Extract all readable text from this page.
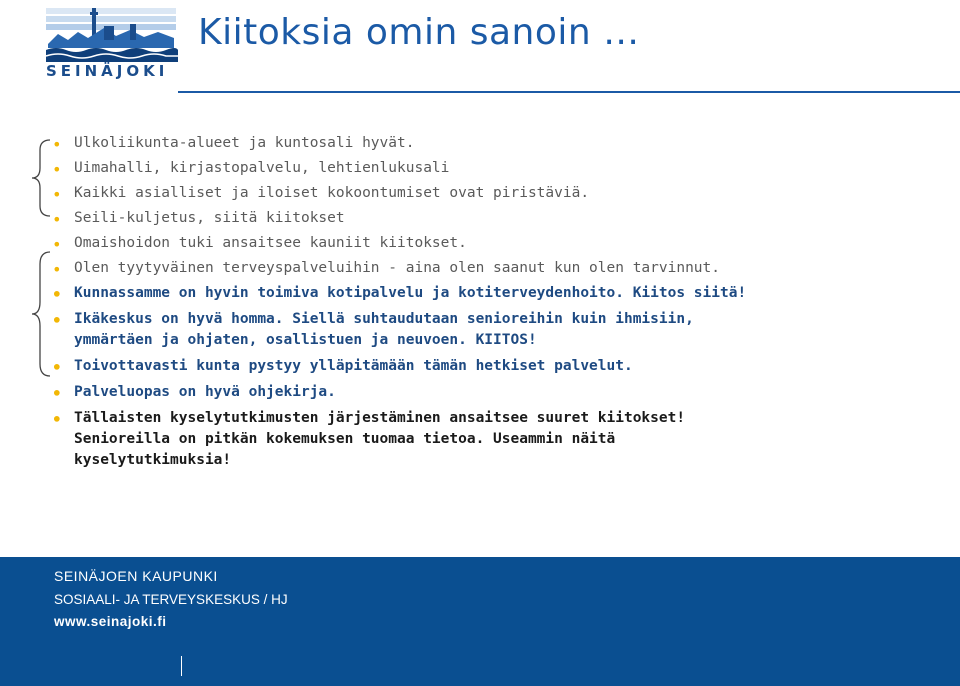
SEINÄJOKI
Kiitoksia omin sanoin …
• Ulkoliikunta-alueet ja kuntosali hyvät.
• Uimahalli, kirjastopalvelu, lehtienlukusali
• Kaikki asialliset ja iloiset kokoontumiset ovat piristäviä.
• Seili-kuljetus, siitä kiitokset
• Omaishoidon tuki ansaitsee kauniit kiitokset.
• Olen tyytyväinen terveyspalveluihin - aina olen saanut kun olen tarvinnut.
• Kunnassamme on hyvin toimiva kotipalvelu ja kotiterveydenhoito. Kiitos siitä!
• Ikäkeskus on hyvä homma. Siellä suhtaudutaan senioreihin kuin ihmisiin,
ymmärtäen ja ohjaten, osallistuen ja neuvoen. KIITOS!
• Toivottavasti kunta pystyy ylläpitämään tämän hetkiset palvelut.
• Palveluopas on hyvä ohjekirja.
• Tällaisten kyselytutkimusten järjestäminen ansaitsee suuret kiitokset!
Senioreilla on pitkän kokemuksen tuomaa tietoa. Useammin näitä
kyselytutkimuksia!
SEINÄJOEN KAUPUNKI
SOSIAALI- JA TERVEYSKESKUS / HJ
www.seinajoki.fi
